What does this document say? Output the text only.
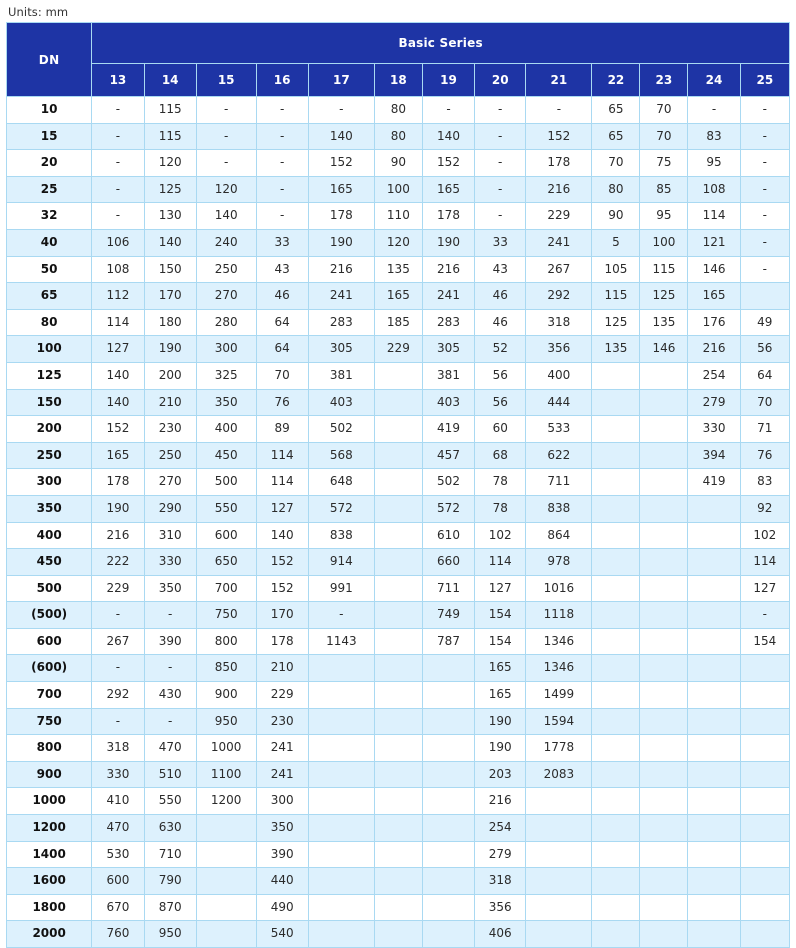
Units: mm
DN	Basic Series												
	13	14	15	16	17	18	19	20	21	22	23	24	25
10	-	115	-	-	-	80	-	-	-	65	70	-	-
15	-	115	-	-	140	80	140	-	152	65	70	83	-
20	-	120	-	-	152	90	152	-	178	70	75	95	-
25	-	125	120	-	165	100	165	-	216	80	85	108	-
32	-	130	140	-	178	110	178	-	229	90	95	114	-
40	106	140	240	33	190	120	190	33	241	5	100	121	-
50	108	150	250	43	216	135	216	43	267	105	115	146	-
65	112	170	270	46	241	165	241	46	292	115	125	165	
80	114	180	280	64	283	185	283	46	318	125	135	176	49
100	127	190	300	64	305	229	305	52	356	135	146	216	56
125	140	200	325	70	381		381	56	400			254	64
150	140	210	350	76	403		403	56	444			279	70
200	152	230	400	89	502		419	60	533			330	71
250	165	250	450	114	568		457	68	622			394	76
300	178	270	500	114	648		502	78	711			419	83
350	190	290	550	127	572		572	78	838				92
400	216	310	600	140	838		610	102	864				102
450	222	330	650	152	914		660	114	978				114
500	229	350	700	152	991		711	127	1016				127
(500)	-	-	750	170	-		749	154	1118				-
600	267	390	800	178	1143		787	154	1346				154
(600)	-	-	850	210				165	1346				
700	292	430	900	229				165	1499				
750	-	-	950	230				190	1594				
800	318	470	1000	241				190	1778				
900	330	510	1100	241				203	2083				
1000	410	550	1200	300				216					
1200	470	630		350				254					
1400	530	710		390				279					
1600	600	790		440				318					
1800	670	870		490				356					
2000	760	950		540				406					
